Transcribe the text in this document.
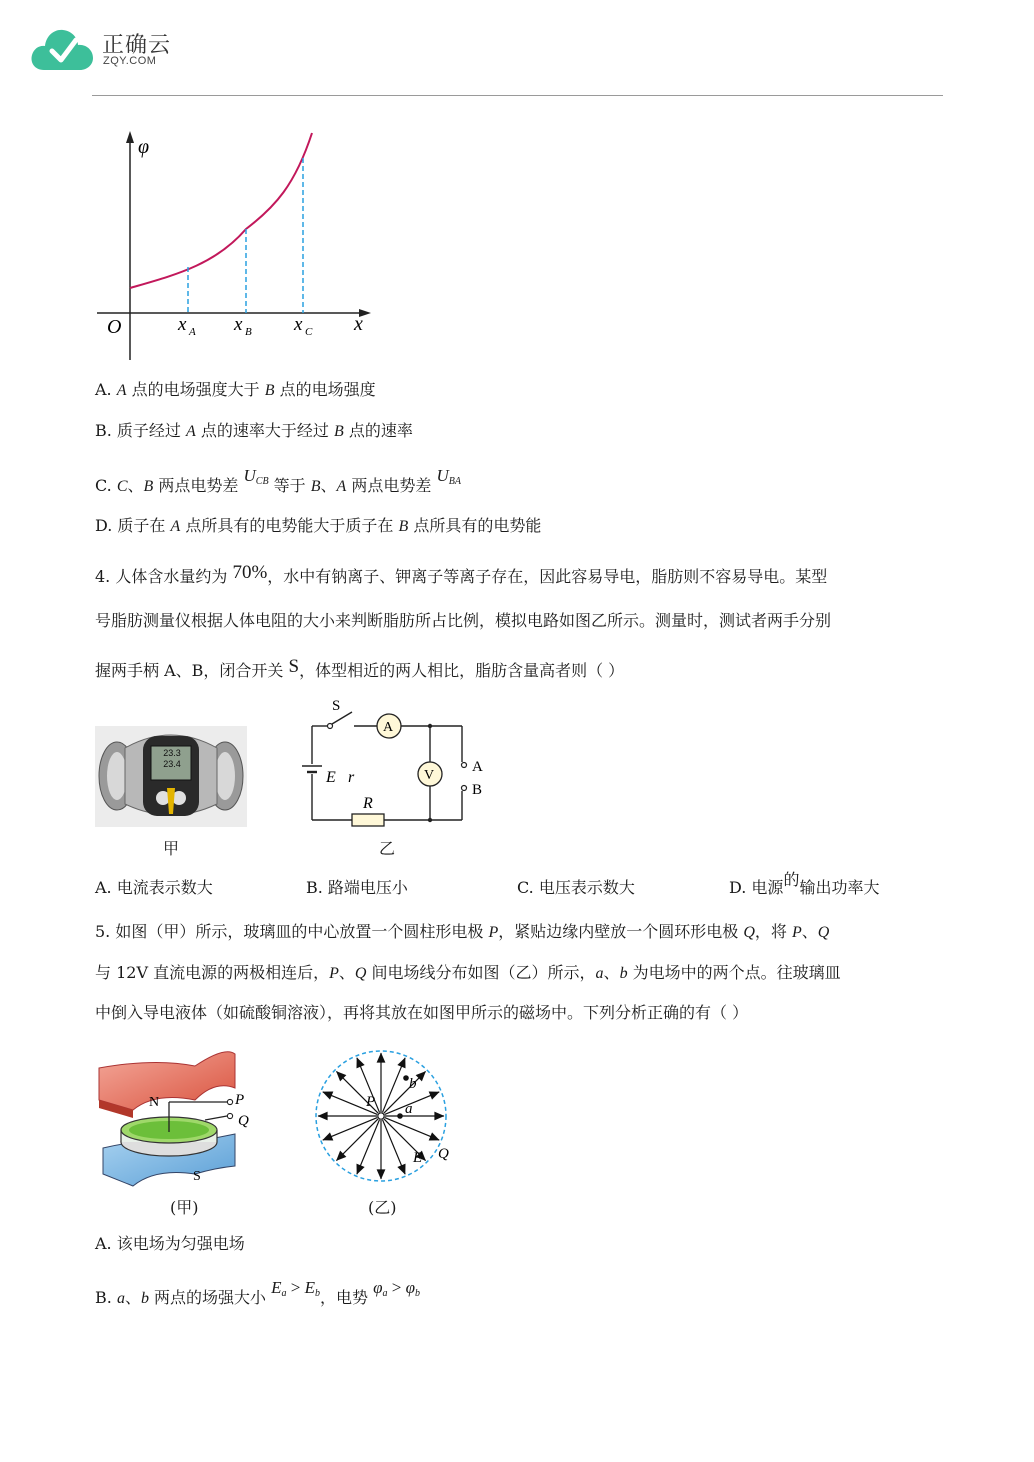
正确云
ZQY.COM
φ
x
O	x A x B x C
A. A 点的电场强度大于 B 点的电场强度
B. 质子经过 A 点的速率大于经过 B 点的速率
C. C、B 两点电势差 $U^{CB}$ 等于 B、A 两点电势差 $U^{BA}$
D. 质子在 A 点所具有的电势能大于质子在 B 点所具有的电势能
4. 人体含水量约为 70%，水中有钠离子、钾离子等离子存在，因此容易导电，脂肪则不容易导电。某型
号脂肪测量仪根据人体电阻的大小来判断脂肪所占比例，模拟电路如图乙所示。测量时，测试者两手分别
握两手柄 A、B，闭合开关 S，体型相近的两人相比，脂肪含量高者则（ ）
23.3
23.4
甲
S
A
V
E r
R
A
B
乙
A. 电流表示数大	B. 路端电压小	C. 电压表示数大	D. 电源的输出功率大
5. 如图（甲）所示，玻璃皿的中心放置一个圆柱形电极 P，紧贴边缘内壁放一个圆环形电极 Q，将 P、Q
与 12V 直流电源的两极相连后，P、Q 间电场线分布如图（乙）所示，a、b 为电场中的两个点。往玻璃皿
中倒入导电液体（如硫酸铜溶液），再将其放在如图甲所示的磁场中。下列分析正确的有（ ）
N
S
P
Q
(甲)
P a
b
E Q
(乙)
A. 该电场为匀强电场
B. a、b 两点的场强大小 $E^a > E^b$，电势 $\varphi^a > \varphi^b$
